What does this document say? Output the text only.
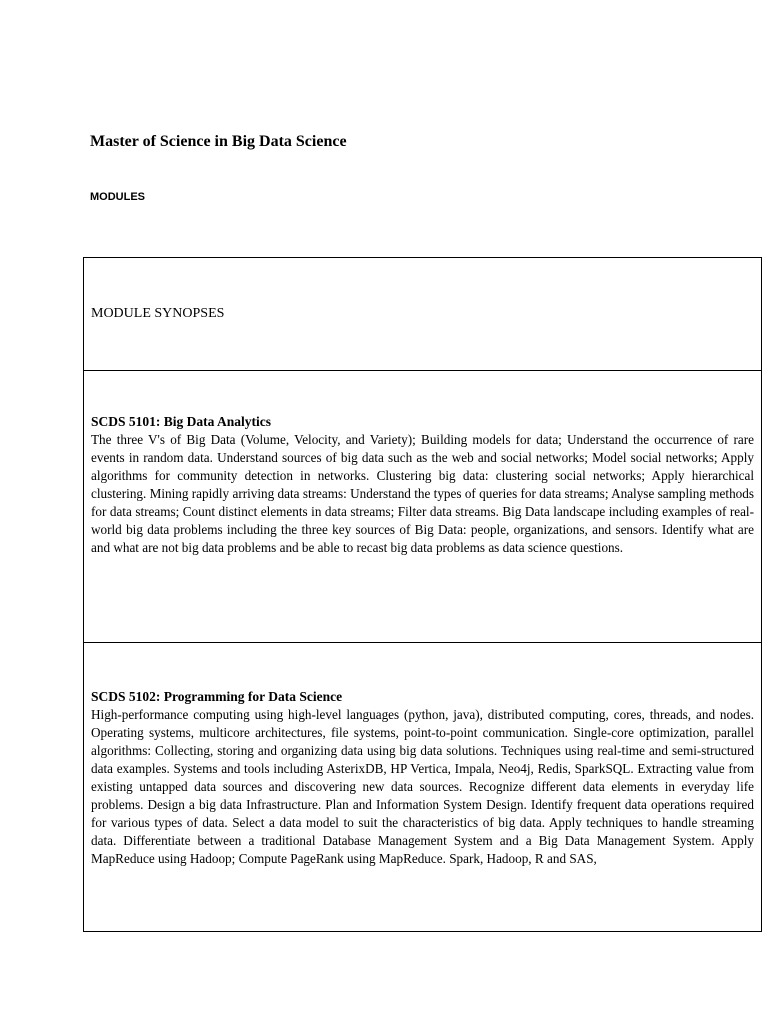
Master of Science in Big Data Science
MODULES
MODULE SYNOPSES
SCDS 5101: Big Data Analytics

The three V's of Big Data (Volume, Velocity, and Variety); Building models for data; Understand the occurrence of rare events in random data. Understand sources of big data such as the web and social networks; Model social networks; Apply algorithms for community detection in networks. Clustering big data: clustering social networks; Apply hierarchical clustering. Mining rapidly arriving data streams: Understand the types of queries for data streams; Analyse sampling methods for data streams; Count distinct elements in data streams; Filter data streams. Big Data landscape including examples of real-world big data problems including the three key sources of Big Data: people, organizations, and sensors. Identify what are and what are not big data problems and be able to recast big data problems as data science questions.

SCDS 5102: Programming for Data Science

High-performance computing using high-level languages (python, java), distributed computing, cores, threads, and nodes. Operating systems, multicore architectures, file systems, point-to-point communication. Single-core optimization, parallel algorithms: Collecting, storing and organizing data using big data solutions. Techniques using real-time and semi-structured data examples. Systems and tools including AsterixDB, HP Vertica, Impala, Neo4j, Redis, SparkSQL. Extracting value from existing untapped data sources and discovering new data sources. Recognize different data elements in everyday life problems. Design a big data Infrastructure. Plan and Information System Design. Identify frequent data operations required for various types of data. Select a data model to suit the characteristics of big data. Apply techniques to handle streaming data. Differentiate between a traditional Database Management System and a Big Data Management System. Apply MapReduce using Hadoop; Compute PageRank using MapReduce. Spark, Hadoop, R and SAS,
